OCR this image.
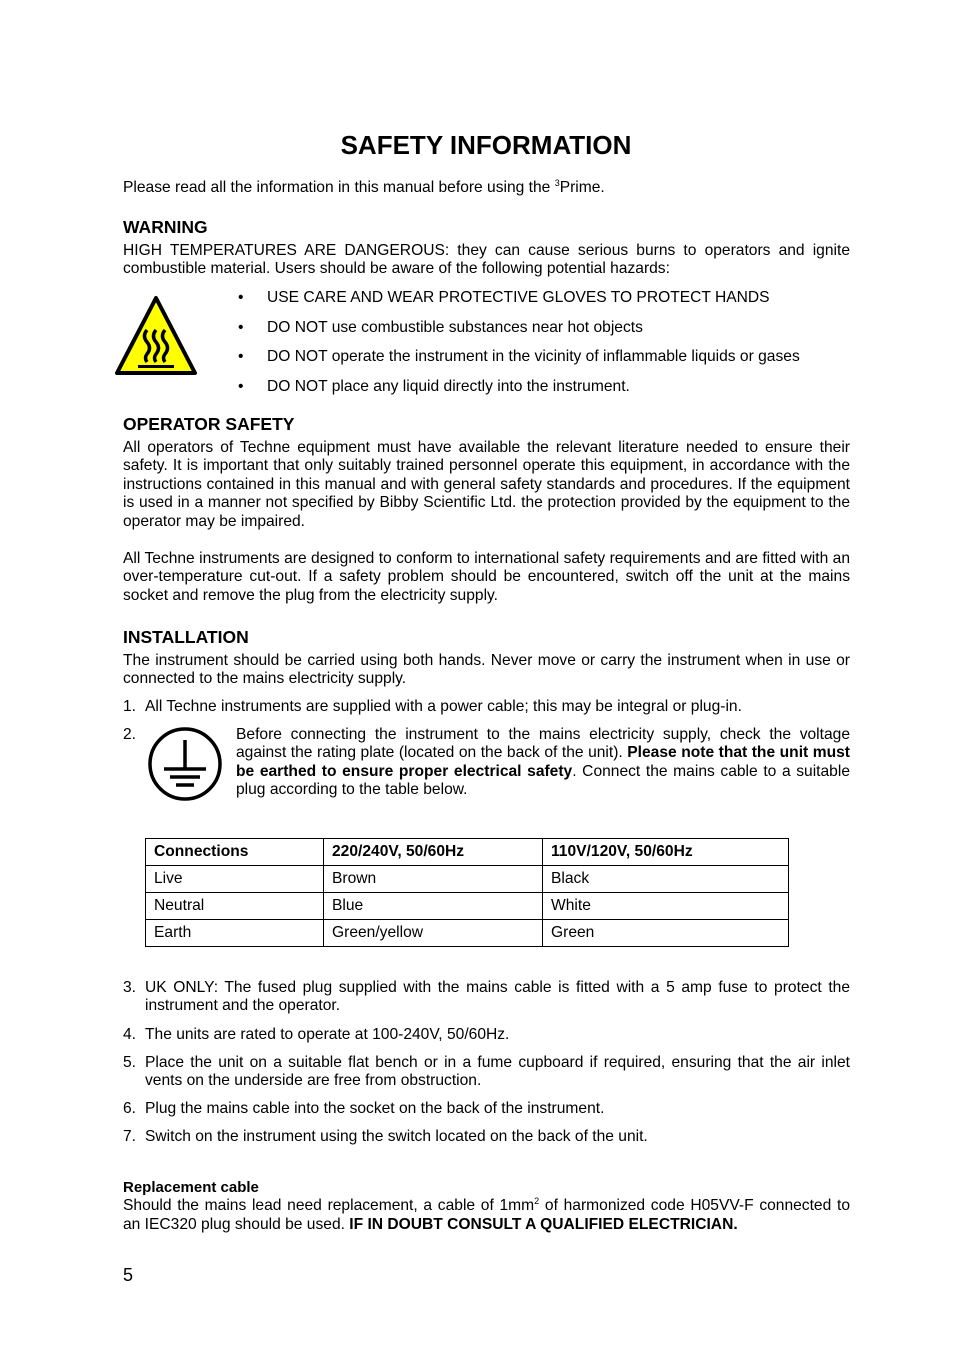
SAFETY INFORMATION

Please read all the information in this manual before using the $^3$Prime.

WARNING

HIGH TEMPERATURES ARE DANGEROUS: they can cause serious burns to operators and ignite combustible material. Users should be aware of the following potential hazards:

• USE CARE AND WEAR PROTECTIVE GLOVES TO PROTECT HANDS
• DO NOT use combustible substances near hot objects
• DO NOT operate the instrument in the vicinity of inflammable liquids or gases
• DO NOT place any liquid directly into the instrument.
OPERATOR SAFETY

All operators of Techne equipment must have available the relevant literature needed to ensure their safety. It is important that only suitably trained personnel operate this equipment, in accordance with the instructions contained in this manual and with general safety standards and procedures. If the equipment is used in a manner not specified by Bibby Scientific Ltd. the protection provided by the equipment to the operator may be impaired.

All Techne instruments are designed to conform to international safety requirements and are fitted with an over-temperature cut-out. If a safety problem should be encountered, switch off the unit at the mains socket and remove the plug from the electricity supply.

INSTALLATION

The instrument should be carried using both hands. Never move or carry the instrument when in use or connected to the mains electricity supply.

1. All Techne instruments are supplied with a power cable; this may be integral or plug-in.
2.	Before connecting the instrument to the mains electricity supply, check the voltage against the rating plate (located on the back of the unit). Please note that the unit must be earthed to ensure proper electrical safety. Connect the mains cable to a suitable plug according to the table below.

Connections	220/240V, 50/60Hz	110V/120V, 50/60Hz
Live	Brown	Black
Neutral	Blue	White
Earth	Green/yellow	Green
3. UK ONLY: The fused plug supplied with the mains cable is fitted with a 5 amp fuse to protect the instrument and the operator.
4. The units are rated to operate at 100-240V, 50/60Hz.
5. Place the unit on a suitable flat bench or in a fume cupboard if required, ensuring that the air inlet vents on the underside are free from obstruction.
6. Plug the mains cable into the socket on the back of the instrument.
7. Switch on the instrument using the switch located on the back of the unit.

Replacement cable

Should the mains lead need replacement, a cable of $1mm^2$ of harmonized code H05VV-F connected to an IEC320 plug should be used. IF IN DOUBT CONSULT A QUALIFIED ELECTRICIAN.

5
